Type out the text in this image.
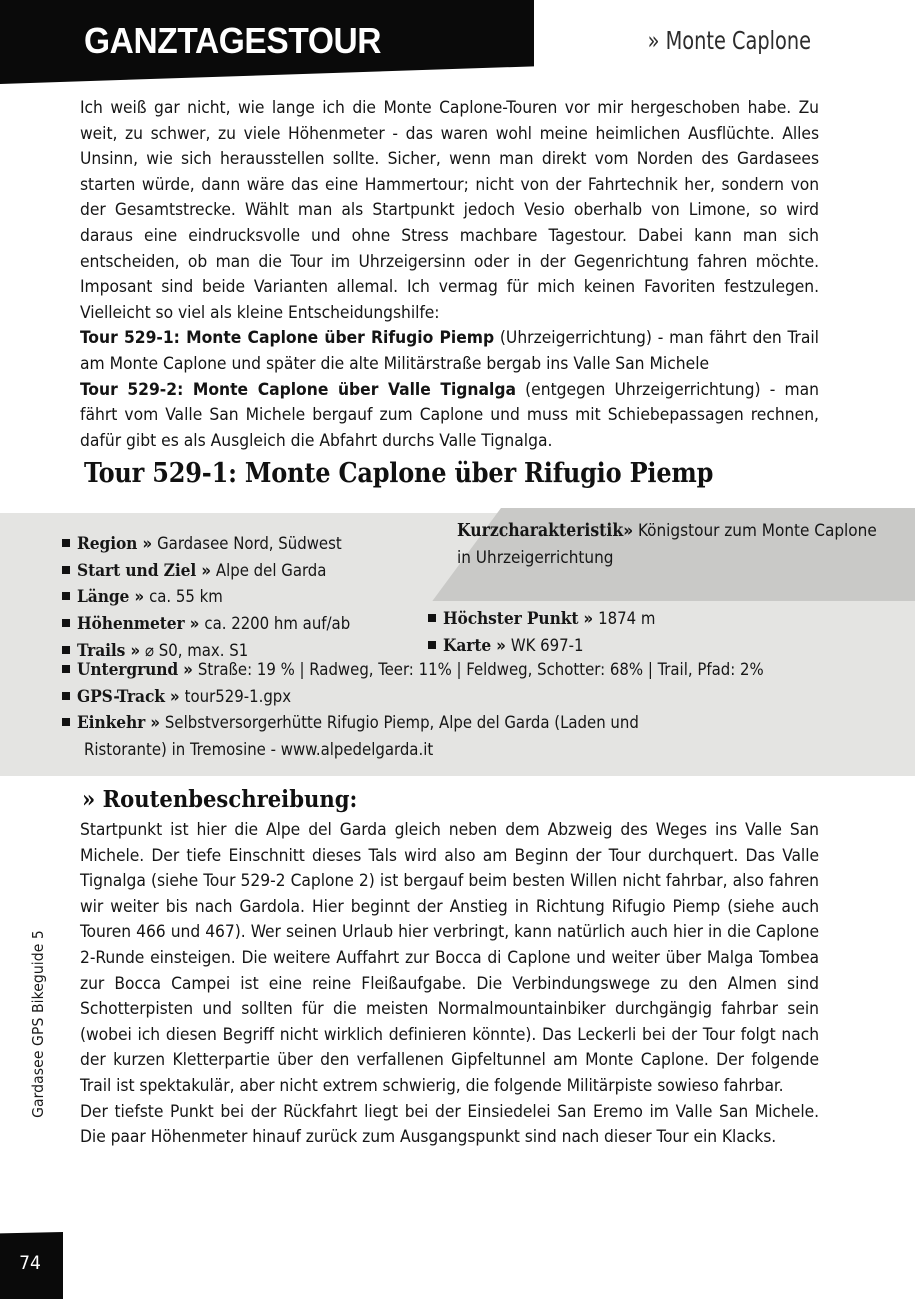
GANZTAGESTOUR	» Monte Caplone
Gardasee GPS Bikeguide 5
74

Ich weiß gar nicht, wie lange ich die Monte Caplone-Touren vor mir hergeschoben habe. Zu weit, zu schwer, zu viele Höhenmeter - das waren wohl meine heimlichen Ausflüchte. Alles Unsinn, wie sich herausstellen sollte. Sicher, wenn man direkt vom Norden des Gardasees starten würde, dann wäre das eine Hammertour; nicht von der Fahrtechnik her, sondern von der Gesamtstrecke. Wählt man als Startpunkt jedoch Vesio oberhalb von Limone, so wird daraus eine eindrucksvolle und ohne Stress machbare Tagestour. Dabei kann man sich entscheiden, ob man die Tour im Uhrzeigersinn oder in der Gegenrichtung fahren möchte. Imposant sind beide Varianten allemal. Ich vermag für mich keinen Favoriten festzulegen. Vielleicht so viel als kleine Entscheidungshilfe:

Tour 529-1: Monte Caplone über Rifugio Piemp (Uhrzeigerrichtung) - man fährt den Trail am Monte Caplone und später die alte Militärstraße bergab ins Valle San Michele

Tour 529-2: Monte Caplone über Valle Tignalga (entgegen Uhrzeigerrichtung) - man fährt vom Valle San Michele bergauf zum Caplone und muss mit Schiebepassagen rechnen, dafür gibt es als Ausgleich die Abfahrt durchs Valle Tignalga.

Tour 529-1: Monte Caplone über Rifugio Piemp
Kurzcharakteristik» Königstour zum Monte Caplone in Uhrzeigerrichtung
Region » Gardasee Nord, Südwest
Start und Ziel » Alpe del Garda
Länge » ca. 55 km
Höhenmeter » ca. 2200 hm auf/ab
Trails » ⌀ S0, max. S1
Höchster Punkt » 1874 m
Karte » WK 697-1
Untergrund » Straße: 19 % | Radweg, Teer: 11% | Feldweg, Schotter: 68% | Trail, Pfad: 2%
GPS-Track » tour529-1.gpx
Einkehr » Selbstversorgerhütte Rifugio Piemp, Alpe del Garda (Laden und
Ristorante) in Tremosine - www.alpedelgarda.it
» Routenbeschreibung:

Startpunkt ist hier die Alpe del Garda gleich neben dem Abzweig des Weges ins Valle San Michele. Der tiefe Einschnitt dieses Tals wird also am Beginn der Tour durchquert. Das Valle Tignalga (siehe Tour 529-2 Caplone 2) ist bergauf beim besten Willen nicht fahrbar, also fahren wir weiter bis nach Gardola. Hier beginnt der Anstieg in Richtung Rifugio Piemp (siehe auch Touren 466 und 467). Wer seinen Urlaub hier verbringt, kann natürlich auch hier in die Caplone 2-Runde einsteigen. Die weitere Auffahrt zur Bocca di Caplone und weiter über Malga Tombea zur Bocca Campei ist eine reine Fleißaufgabe. Die Verbindungswege zu den Almen sind Schotterpisten und sollten für die meisten Normalmountainbiker durchgängig fahrbar sein (wobei ich diesen Begriff nicht wirklich definieren könnte). Das Leckerli bei der Tour folgt nach der kurzen Kletterpartie über den verfallenen Gipfeltunnel am Monte Caplone. Der folgende Trail ist spektakulär, aber nicht extrem schwierig, die folgende Militärpiste sowieso fahrbar.

Der tiefste Punkt bei der Rückfahrt liegt bei der Einsiedelei San Eremo im Valle San Michele. Die paar Höhenmeter hinauf zurück zum Ausgangspunkt sind nach dieser Tour ein Klacks.
